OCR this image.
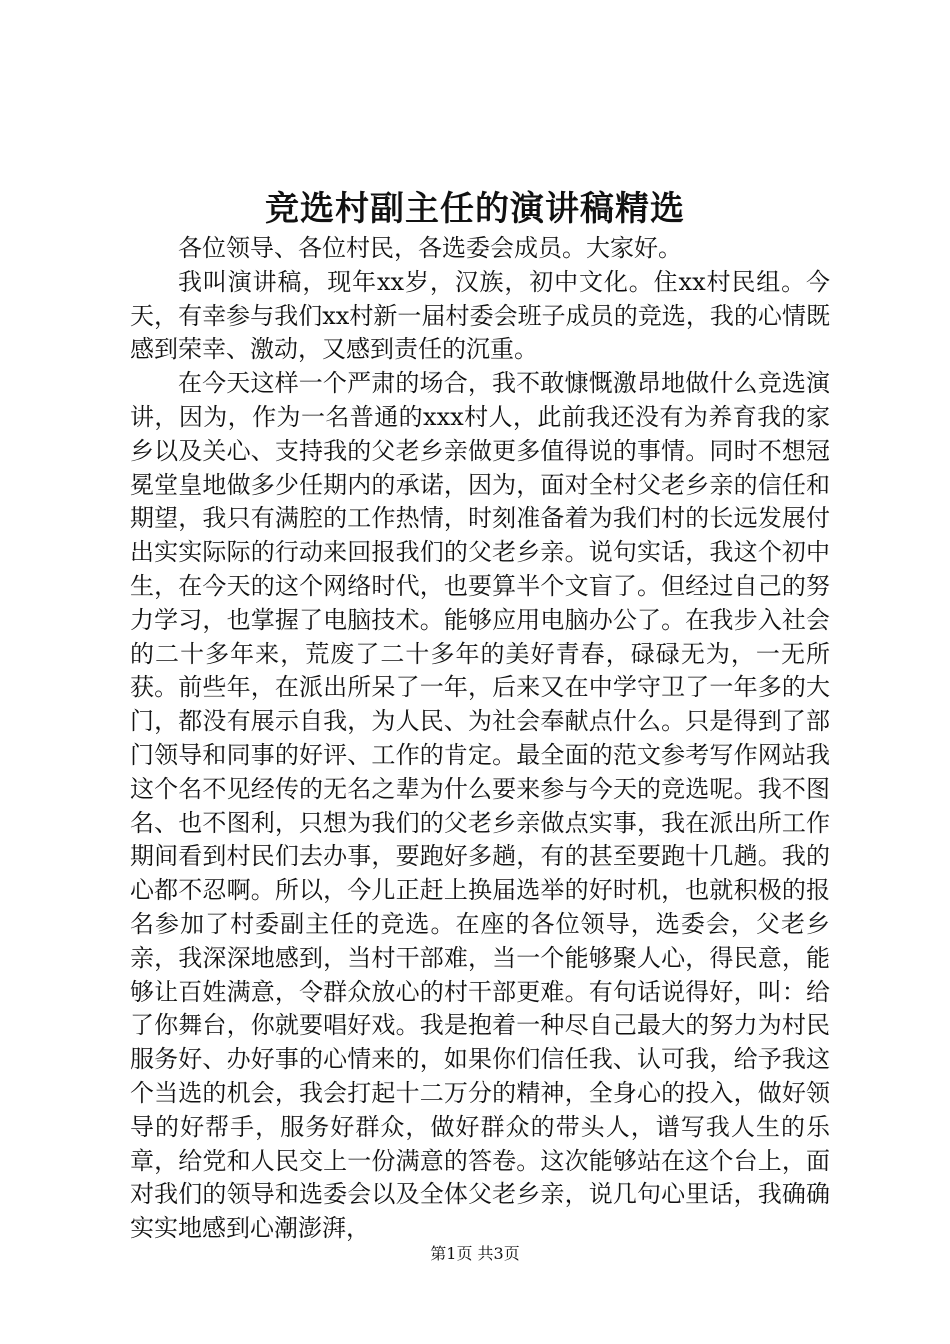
竞选村副主任的演讲稿精选

各位领导、各位村民，各选委会成员。大家好。

我叫演讲稿，现年xx岁，汉族，初中文化。住xx村民组。今天，有幸参与我们xx村新一届村委会班子成员的竞选，我的心情既感到荣幸、激动，又感到责任的沉重。

在今天这样一个严肃的场合，我不敢慷慨激昂地做什么竞选演讲，因为，作为一名普通的xxx村人，此前我还没有为养育我的家乡以及关心、支持我的父老乡亲做更多值得说的事情。同时不想冠冕堂皇地做多少任期内的承诺，因为，面对全村父老乡亲的信任和期望，我只有满腔的工作热情，时刻准备着为我们村的长远发展付出实实际际的行动来回报我们的父老乡亲。说句实话，我这个初中生，在今天的这个网络时代，也要算半个文盲了。但经过自己的努力学习，也掌握了电脑技术。能够应用电脑办公了。在我步入社会的二十多年来，荒废了二十多年的美好青春，碌碌无为，一无所获。前些年，在派出所呆了一年，后来又在中学守卫了一年多的大门，都没有展示自我，为人民、为社会奉献点什么。只是得到了部门领导和同事的好评、工作的肯定。最全面的范文参考写作网站我这个名不见经传的无名之辈为什么要来参与今天的竞选呢。我不图名、也不图利，只想为我们的父老乡亲做点实事，我在派出所工作期间看到村民们去办事，要跑好多趟，有的甚至要跑十几趟。我的心都不忍啊。所以，今儿正赶上换届选举的好时机，也就积极的报名参加了村委副主任的竞选。在座的各位领导，选委会，父老乡亲，我深深地感到，当村干部难，当一个能够聚人心，得民意，能够让百姓满意，令群众放心的村干部更难。有句话说得好，叫：给了你舞台，你就要唱好戏。我是抱着一种尽自己最大的努力为村民服务好、办好事的心情来的，如果你们信任我、认可我，给予我这个当选的机会，我会打起十二万分的精神，全身心的投入，做好领导的好帮手，服务好群众，做好群众的带头人，谱写我人生的乐章，给党和人民交上一份满意的答卷。这次能够站在这个台上，面对我们的领导和选委会以及全体父老乡亲，说几句心里话，我确确实实地感到心潮澎湃，

第1页 共3页
